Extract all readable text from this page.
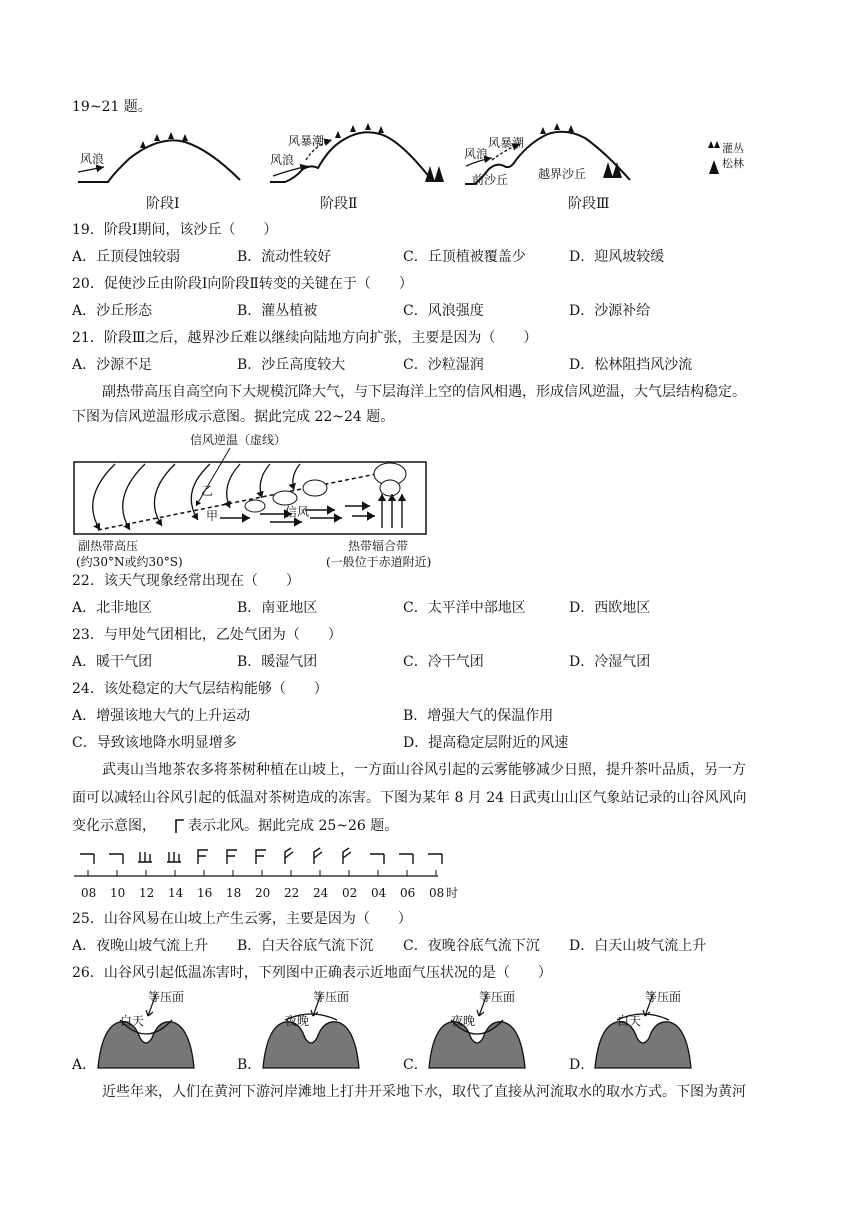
19~21 题。
风浪
风暴潮
风浪
风暴潮
风浪
前沙丘 越界沙丘
灌丛
松林
阶段Ⅰ	阶段Ⅱ	阶段Ⅲ
19．阶段Ⅰ期间，该沙丘（　　）
A．丘顶侵蚀较弱	B．流动性较好	C．丘顶植被覆盖少	D．迎风坡较缓
20．促使沙丘由阶段Ⅰ向阶段Ⅱ转变的关键在于（　　）
A．沙丘形态	B．灌丛植被	C．风浪强度	D．沙源补给
21．阶段Ⅲ之后，越界沙丘难以继续向陆地方向扩张，主要是因为（　　）
A．沙源不足	B．沙丘高度较大	C．沙粒湿润	D．松林阻挡风沙流
副热带高压自高空向下大规模沉降大气，与下层海洋上空的信风相遇，形成信风逆温，大气层结构稳定。
下图为信风逆温形成示意图。据此完成 22~24 题。
信风逆温（虚线）
乙
甲	信风
副热带高压
(约30°N或约30°S)
热带辐合带
(一般位于赤道附近)
22．该天气现象经常出现在（　　）
A．北非地区	B．南亚地区	C．太平洋中部地区	D．西欧地区
23．与甲处气团相比，乙处气团为（　　）
A．暖干气团	B．暖湿气团	C．冷干气团	D．冷湿气团
24．该处稳定的大气层结构能够（　　）
A．增强该地大气的上升运动	B．增强大气的保温作用
C．导致该地降水明显增多	D．提高稳定层附近的风速
武夷山当地茶农多将茶树种植在山坡上，一方面山谷风引起的云雾能够减少日照，提升茶叶品质，另一方
面可以减轻山谷风引起的低温对茶树造成的冻害。下图为某年 8 月 24 日武夷山山区气象站记录的山谷风风向
变化示意图， 表示北风。据此完成 25~26 题。
08 10 12 14 16 18 20 22 24 02 04 06 08 时
25．山谷风易在山坡上产生云雾，主要是因为（　　）
A．夜晚山坡气流上升 B．白天谷底气流下沉 C．夜晚谷底气流下沉 D．白天山坡气流上升
26．山谷风引起低温冻害时，下列图中正确表示近地面气压状况的是（　　）
A．
等压面
白天
B．
等压面
夜晚
C．
等压面
夜晚
D．
等压面
白天
近些年来，人们在黄河下游河岸滩地上打井开采地下水，取代了直接从河流取水的取水方式。下图为黄河
